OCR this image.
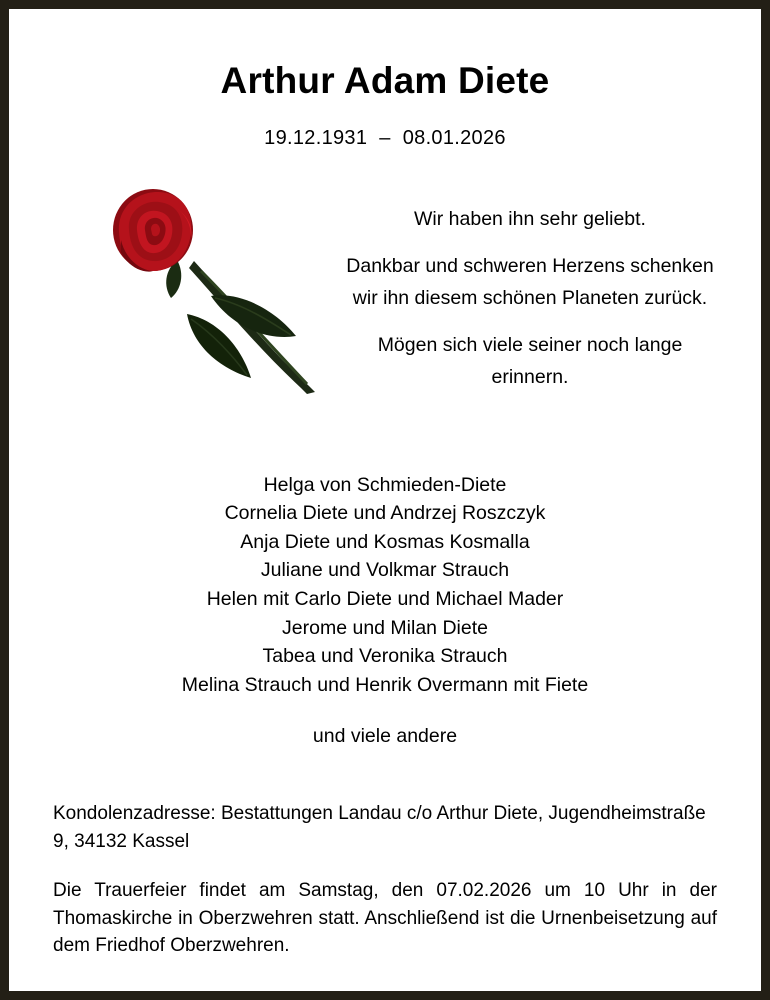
Arthur Adam Diete
19.12.1931 – 08.01.2026

Wir haben ihn sehr geliebt.

Dankbar und schweren Herzens schenken wir ihn diesem schönen Planeten zurück.

Mögen sich viele seiner noch lange erinnern.

Helga von Schmieden-Diete
Cornelia Diete und Andrzej Roszczyk
Anja Diete und Kosmas Kosmalla
Juliane und Volkmar Strauch
Helen mit Carlo Diete und Michael Mader
Jerome und Milan Diete
Tabea und Veronika Strauch
Melina Strauch und Henrik Overmann mit Fiete
und viele andere

Kondolenzadresse: Bestattungen Landau c/o Arthur Diete, Jugendheimstraße 9, 34132 Kassel

Die Trauerfeier findet am Samstag, den 07.02.2026 um 10 Uhr in der Thomaskirche in Oberzwehren statt. Anschließend ist die Urnenbeisetzung auf dem Friedhof Oberzwehren.
